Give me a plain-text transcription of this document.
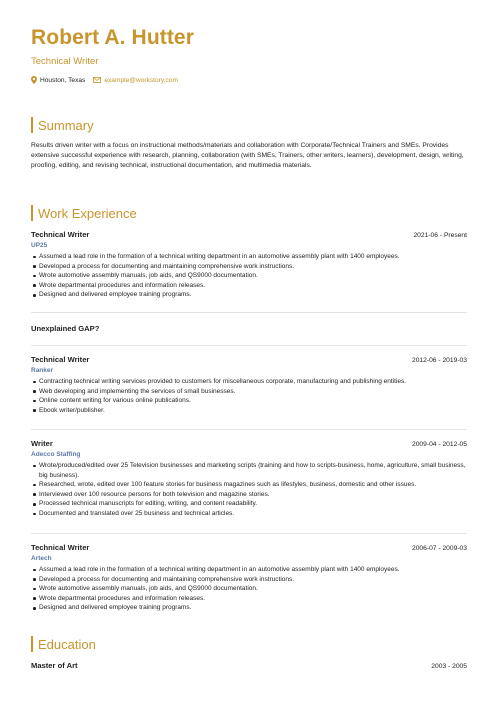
Robert A. Hutter
Technical Writer
Houston, Texas	example@workstory.com
Summary
Results driven writer with a focus on instructional methods/materials and collaboration with Corporate/Technical Trainers and SMEs. Provides extensive successful experience with research, planning, collaboration (with SMEs, Trainers, other writers, learners), development, design, writing, proofing, editing, and revising technical, instructional documentation, and multimedia materials.
Work Experience
Technical Writer	2021-06 - Present
UP25
Assumed a lead role in the formation of a technical writing department in an automotive assembly plant with 1400 employees.
Developed a process for documenting and maintaining comprehensive work instructions.
Wrote automotive assembly manuals, job aids, and QS9000 documentation.
Wrote departmental procedures and information releases.
Designed and delivered employee training programs.
Unexplained GAP?
Technical Writer	2012-06 - 2019-03
Ranker
Contracting technical writing services provided to customers for miscellaneous corporate, manufacturing and publishing entities.
Web developing and implementing the services of small businesses.
Online content writing for various online publications.
Ebook writer/publisher.
Writer	2009-04 - 2012-05
Adecco Staffing
Wrote/produced/edited over 25 Television businesses and marketing scripts (training and how to scripts-business, home, agriculture, small business, big business).
Researched, wrote, edited over 100 feature stories for business magazines such as lifestyles, business, domestic and other issues.
Interviewed over 100 resource persons for both television and magazine stories.
Processed technical manuscripts for editing, writing, and content readability.
Documented and translated over 25 business and technical articles.
Technical Writer	2006-07 - 2009-03
Artech
Assumed a lead role in the formation of a technical writing department in an automotive assembly plant with 1400 employees.
Developed a process for documenting and maintaining comprehensive work instructions.
Wrote automotive assembly manuals, job aids, and QS9000 documentation.
Wrote departmental procedures and information releases.
Designed and delivered employee training programs.
Education
Master of Art	2003 - 2005
